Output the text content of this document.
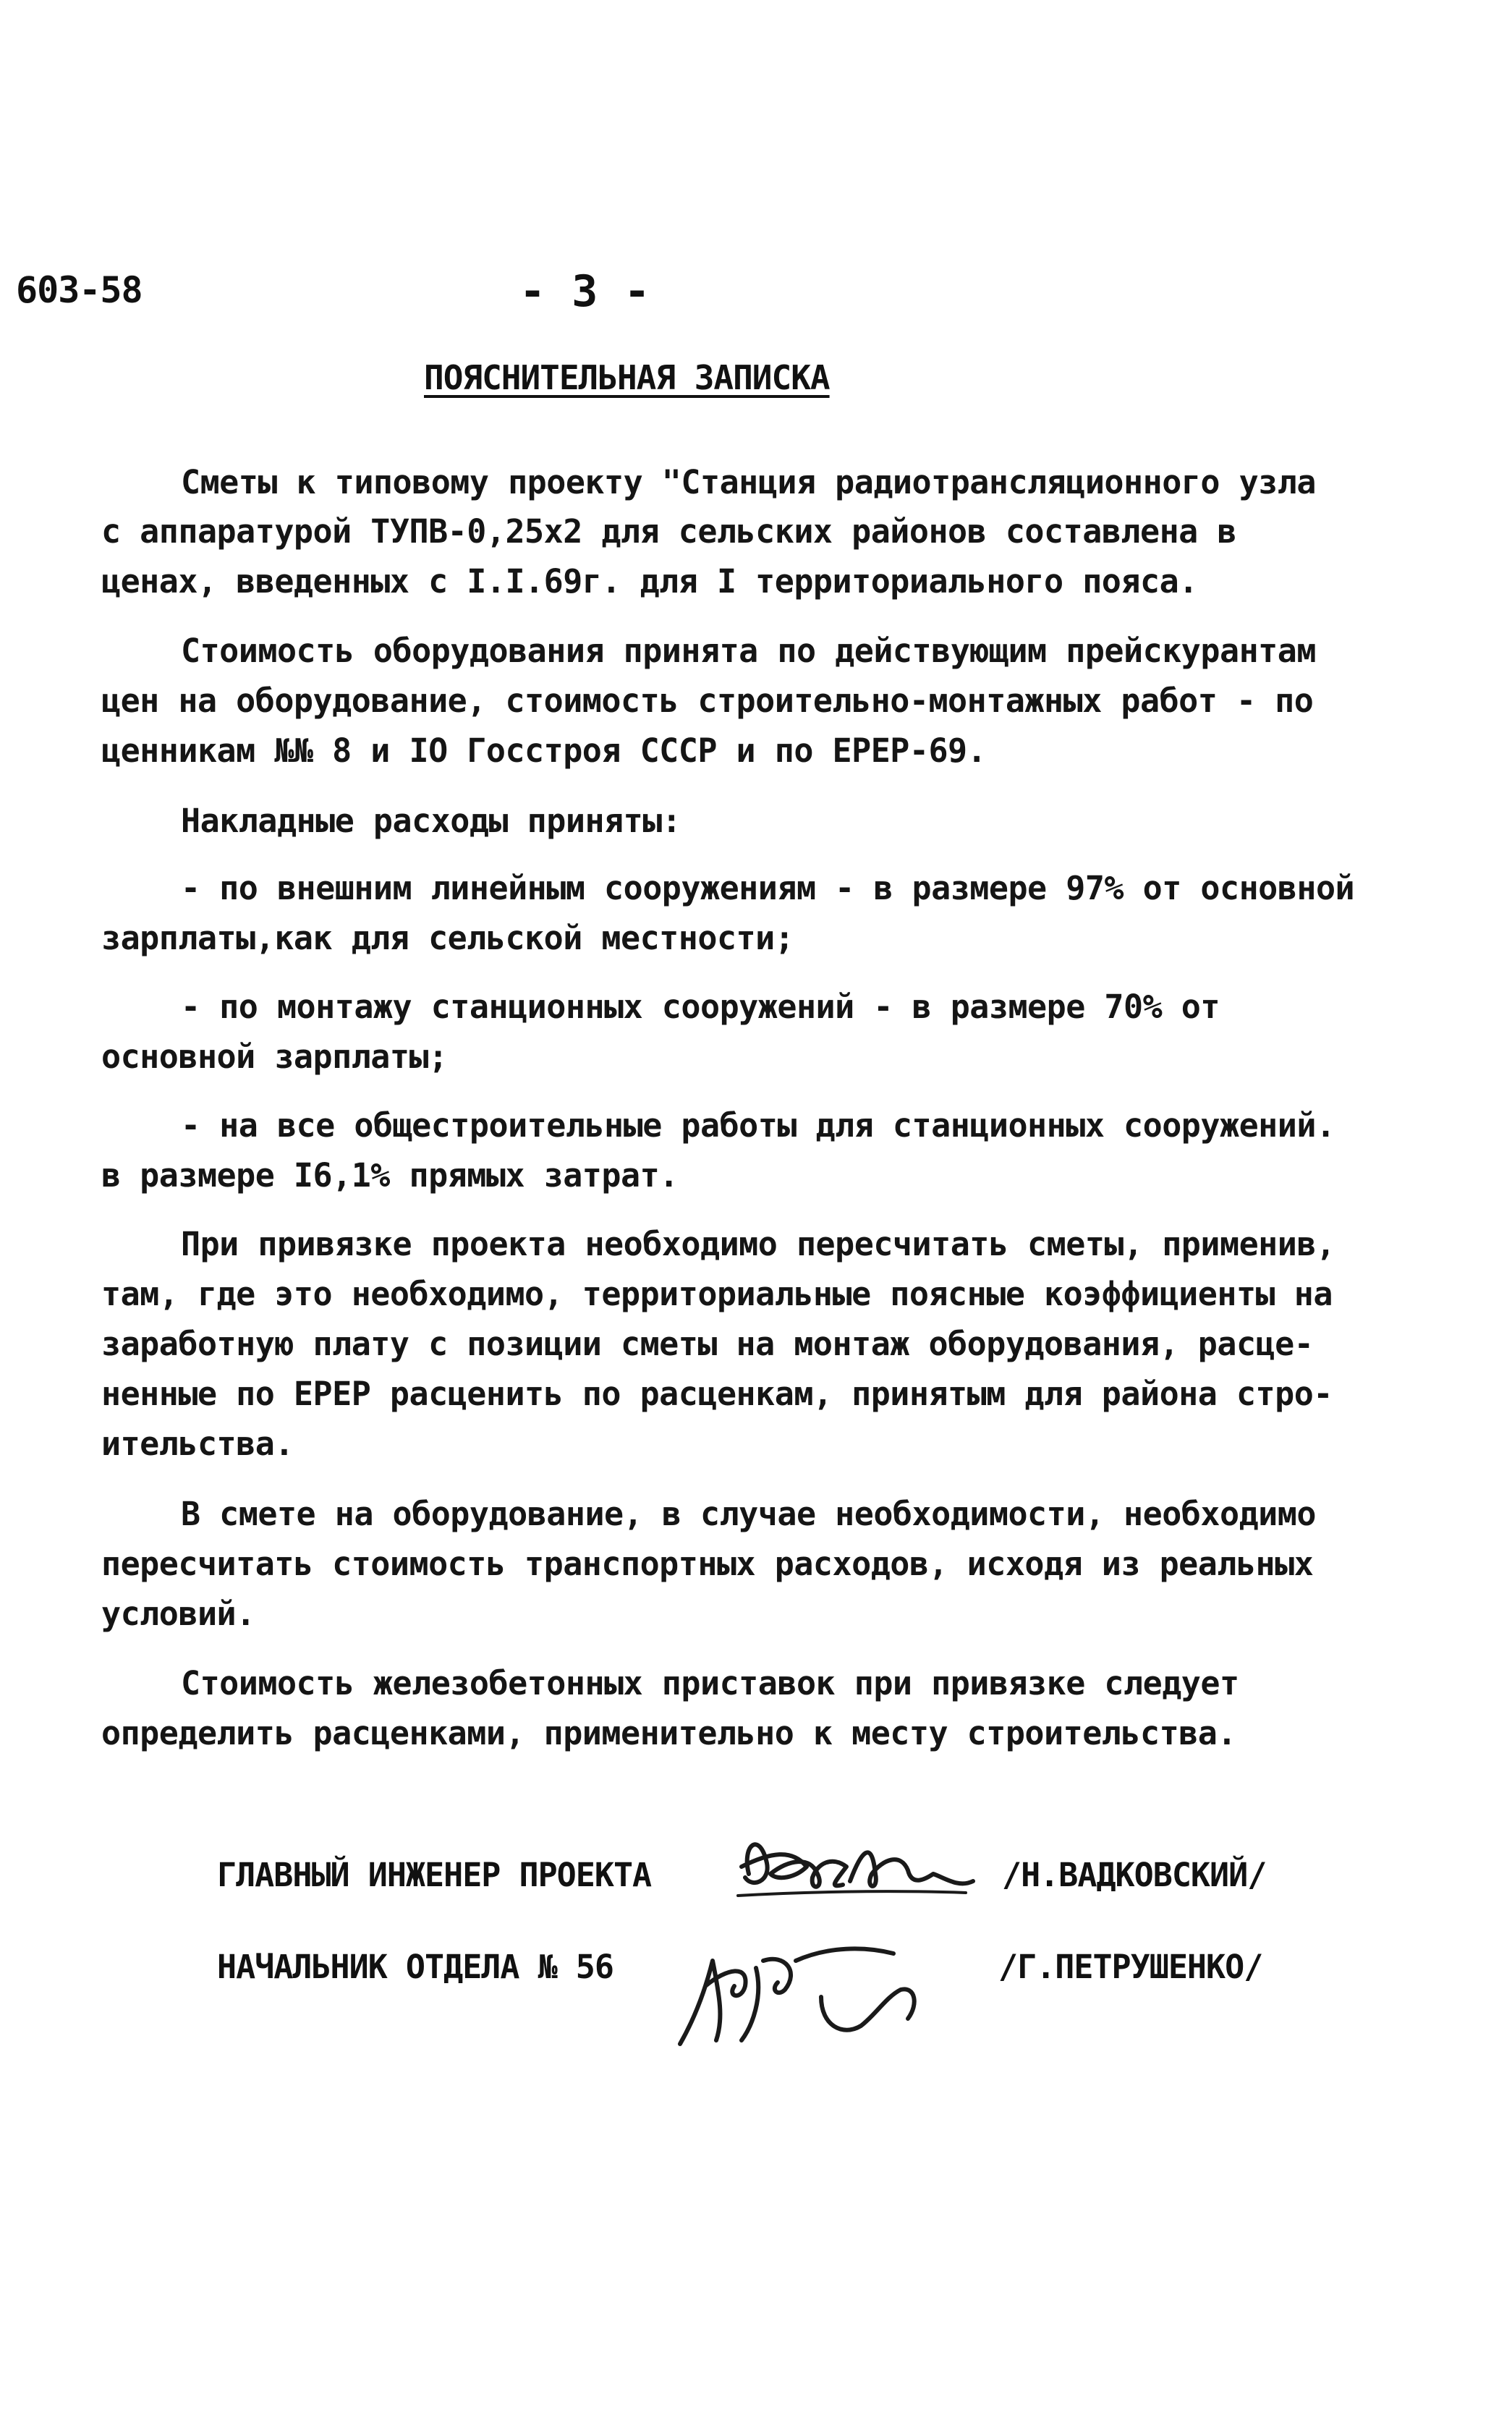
603-58	- 3 -
ПОЯСНИТЕЛЬНАЯ ЗАПИСКА
Сметы к типовому проекту "Станция радиотрансляционного узла
с аппаратурой ТУПВ-0,25х2 для сельских районов составлена в
ценах, введенных с I.I.69г. для I территориального пояса.
Стоимость оборудования принята по действующим прейскурантам
цен на оборудование, стоимость строительно-монтажных работ - по
ценникам №№ 8 и IO Госстроя СССР и по ЕРЕР-69.
Накладные расходы приняты:
- по внешним линейным сооружениям - в размере 97% от основной
зарплаты,как для сельской местности;
- по монтажу станционных сооружений - в размере 70% от
основной зарплаты;
- на все общестроительные работы для станционных сооружений.
в размере I6,1% прямых затрат.
При привязке проекта необходимо пересчитать сметы, применив,
там, где это необходимо, территориальные поясные коэффициенты на
заработную плату с позиции сметы на монтаж оборудования, расце-
ненные по ЕРЕР расценить по расценкам, принятым для района стро-
ительства.
В смете на оборудование, в случае необходимости, необходимо
пересчитать стоимость транспортных расходов, исходя из реальных
условий.
Стоимость железобетонных приставок при привязке следует
определить расценками, применительно к месту строительства.
ГЛАВНЫЙ ИНЖЕНЕР ПРОЕКТА	/Н.ВАДКОВСКИЙ/
НАЧАЛЬНИК ОТДЕЛА № 56	/Г.ПЕТРУШЕНКО/
